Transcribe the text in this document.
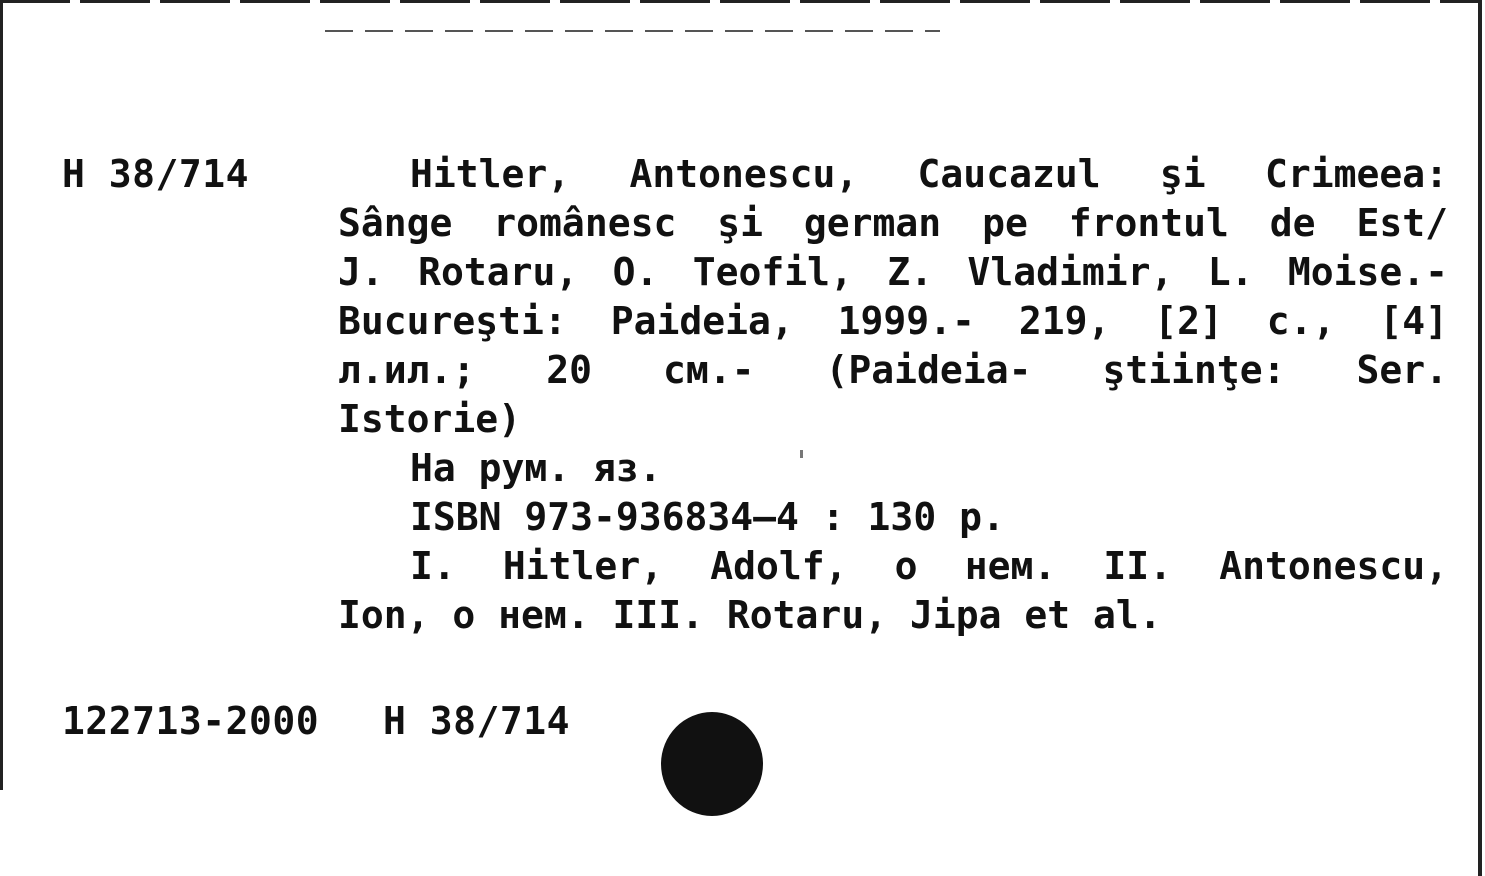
H 38/714	Hitler, Antonescu, Caucazul şi Crimeea:
Sânge românesc şi german pe frontul de Est/
J. Rotaru, O. Teofil, Z. Vladimir, L. Moise.-
Bucureşti: Paideia, 1999.- 219, [2] c., [4]
л.ил.; 20 см.- (Paideia- ştiinţe: Ser.
Istorie)
На рум. яз.
ISBN 973-936834—4 : 130 p.
I. Hitler, Adolf, o нем. II. Antonescu,
Ion, o нем. III. Rotaru, Jipa et al.
122713-2000 H 38/714
